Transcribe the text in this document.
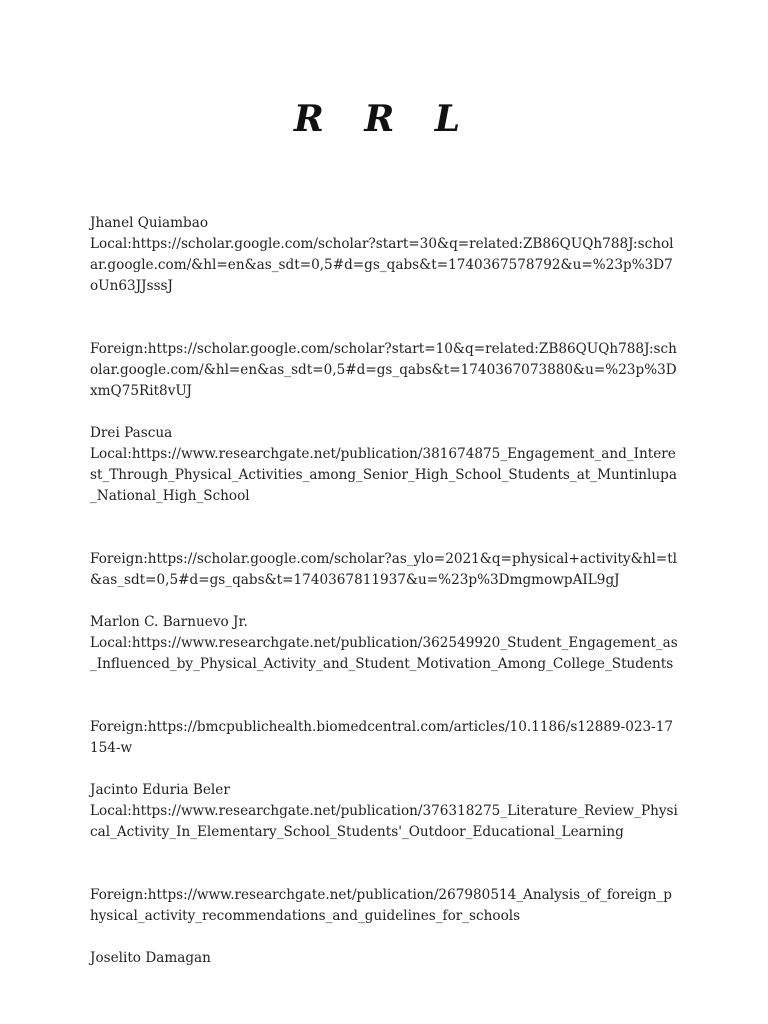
R R L
Jhanel Quiambao
Local:https://scholar.google.com/scholar?start=30&q=related:ZB86QUQh788J:scholar.google.com/&hl=en&as_sdt=0,5#d=gs_qabs&t=1740367578792&u=%23p%3D7oUn63JJsssJ
Foreign:https://scholar.google.com/scholar?start=10&q=related:ZB86QUQh788J:scholar.google.com/&hl=en&as_sdt=0,5#d=gs_qabs&t=1740367073880&u=%23p%3DxmQ75Rit8vUJ
Drei Pascua
Local:https://www.researchgate.net/publication/381674875_Engagement_and_Interest_Through_Physical_Activities_among_Senior_High_School_Students_at_Muntinlupa_National_High_School
Foreign:https://scholar.google.com/scholar?as_ylo=2021&q=physical+activity&hl=tl&as_sdt=0,5#d=gs_qabs&t=1740367811937&u=%23p%3DmgmowpAIL9gJ
Marlon C. Barnuevo Jr.
Local:https://www.researchgate.net/publication/362549920_Student_Engagement_as_Influenced_by_Physical_Activity_and_Student_Motivation_Among_College_Students
Foreign:https://bmcpublichealth.biomedcentral.com/articles/10.1186/s12889-023-17154-w
Jacinto Eduria Beler
Local:https://www.researchgate.net/publication/376318275_Literature_Review_Physical_Activity_In_Elementary_School_Students'_Outdoor_Educational_Learning
Foreign:https://www.researchgate.net/publication/267980514_Analysis_of_foreign_physical_activity_recommendations_and_guidelines_for_schools
Joselito Damagan
